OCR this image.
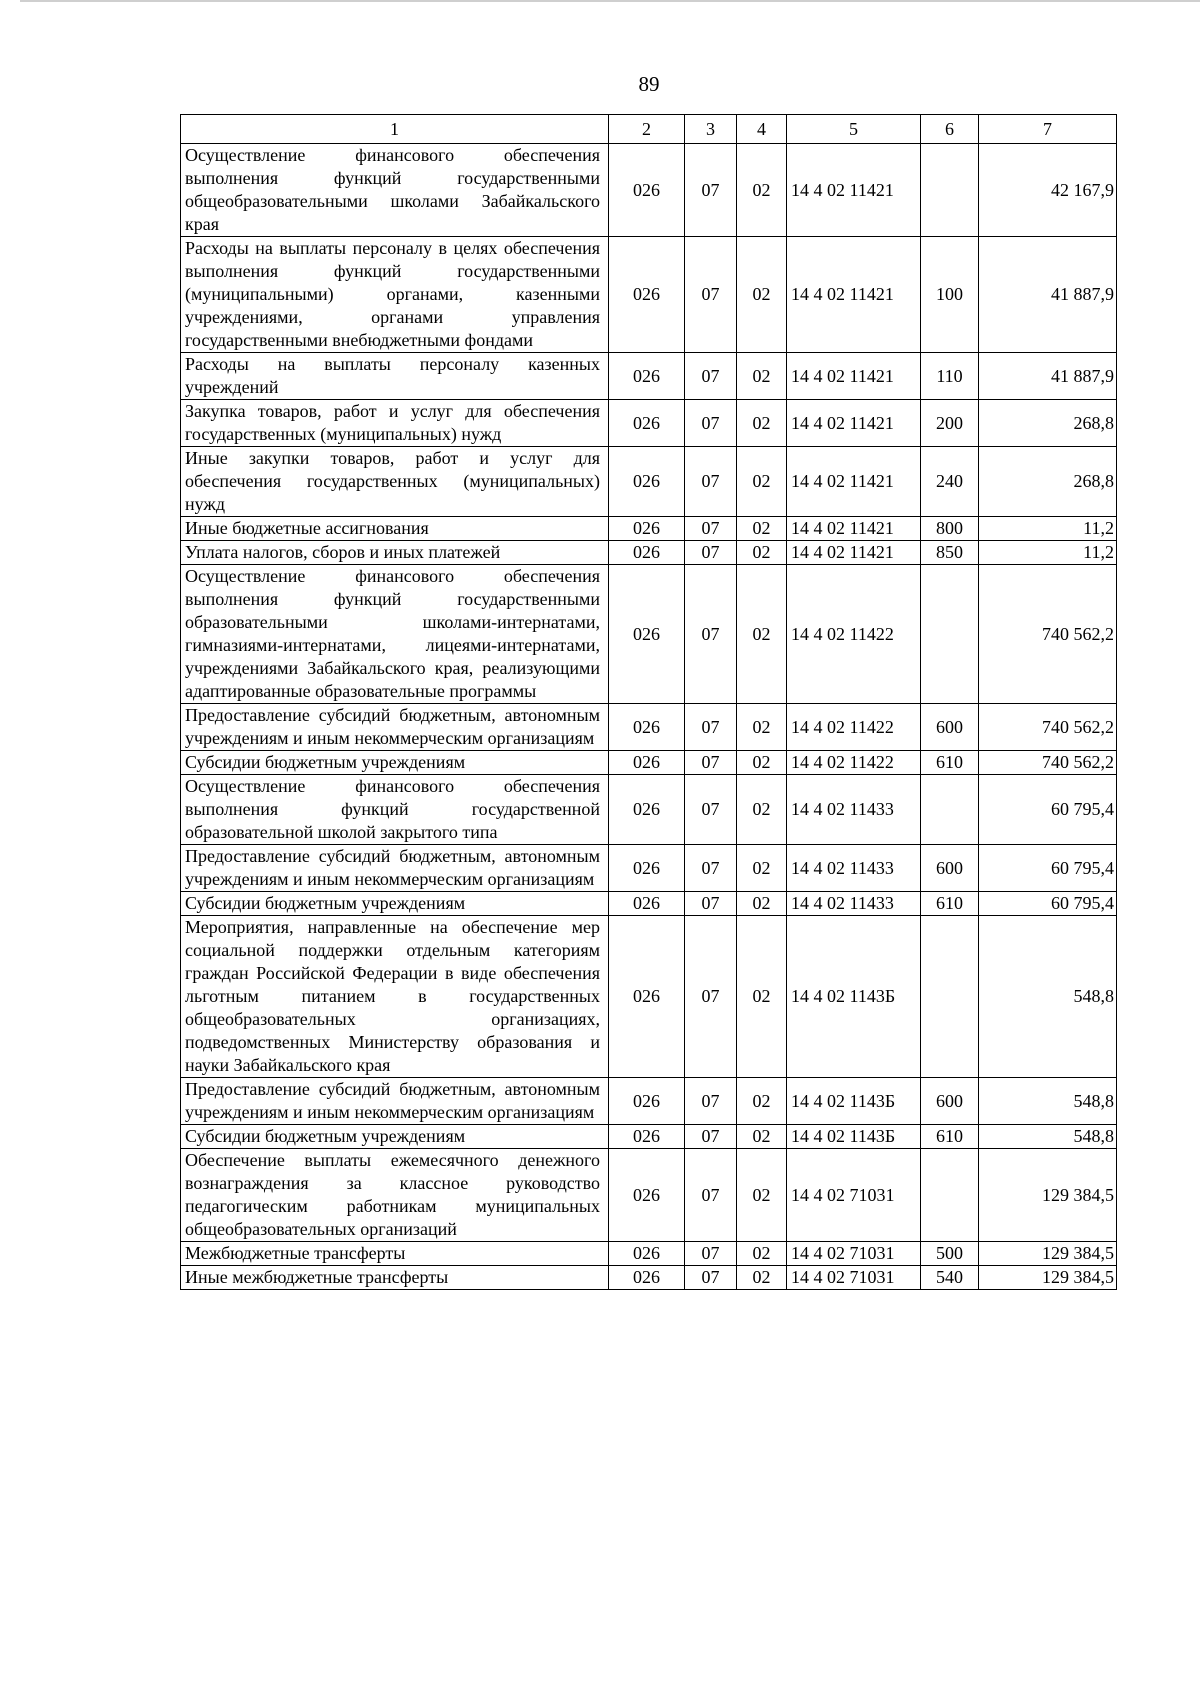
89
1	2	3	4	5	6	7
Осуществление финансового обеспечения выполнения функций государственными общеобразовательными школами Забайкальского края	026	07	02	14 4 02 11421		42 167,9
Расходы на выплаты персоналу в целях обеспечения выполнения функций государственными (муниципальными) органами, казенными учреждениями, органами управления государственными внебюджетными фондами	026	07	02	14 4 02 11421	100	41 887,9
Расходы на выплаты персоналу казенных учреждений	026	07	02	14 4 02 11421	110	41 887,9
Закупка товаров, работ и услуг для обеспечения государственных (муниципальных) нужд	026	07	02	14 4 02 11421	200	268,8
Иные закупки товаров, работ и услуг для обеспечения государственных (муниципальных) нужд	026	07	02	14 4 02 11421	240	268,8
Иные бюджетные ассигнования	026	07	02	14 4 02 11421	800	11,2
Уплата налогов, сборов и иных платежей	026	07	02	14 4 02 11421	850	11,2
Осуществление финансового обеспечения выполнения функций государственными образовательными школами-интернатами, гимназиями-интернатами, лицеями-интернатами, учреждениями Забайкальского края, реализующими адаптированные образовательные программы	026	07	02	14 4 02 11422		740 562,2
Предоставление субсидий бюджетным, автономным учреждениям и иным некоммерческим организациям	026	07	02	14 4 02 11422	600	740 562,2
Субсидии бюджетным учреждениям	026	07	02	14 4 02 11422	610	740 562,2
Осуществление финансового обеспечения выполнения функций государственной образовательной школой закрытого типа	026	07	02	14 4 02 11433		60 795,4
Предоставление субсидий бюджетным, автономным учреждениям и иным некоммерческим организациям	026	07	02	14 4 02 11433	600	60 795,4
Субсидии бюджетным учреждениям	026	07	02	14 4 02 11433	610	60 795,4
Мероприятия, направленные на обеспечение мер социальной поддержки отдельным категориям граждан Российской Федерации в виде обеспечения льготным питанием в государственных общеобразовательных организациях, подведомственных Министерству образования и науки Забайкальского края	026	07	02	14 4 02 1143Б		548,8
Предоставление субсидий бюджетным, автономным учреждениям и иным некоммерческим организациям	026	07	02	14 4 02 1143Б	600	548,8
Субсидии бюджетным учреждениям	026	07	02	14 4 02 1143Б	610	548,8
Обеспечение выплаты ежемесячного денежного вознаграждения за классное руководство педагогическим работникам муниципальных общеобразовательных организаций	026	07	02	14 4 02 71031		129 384,5
Межбюджетные трансферты	026	07	02	14 4 02 71031	500	129 384,5
Иные межбюджетные трансферты	026	07	02	14 4 02 71031	540	129 384,5
